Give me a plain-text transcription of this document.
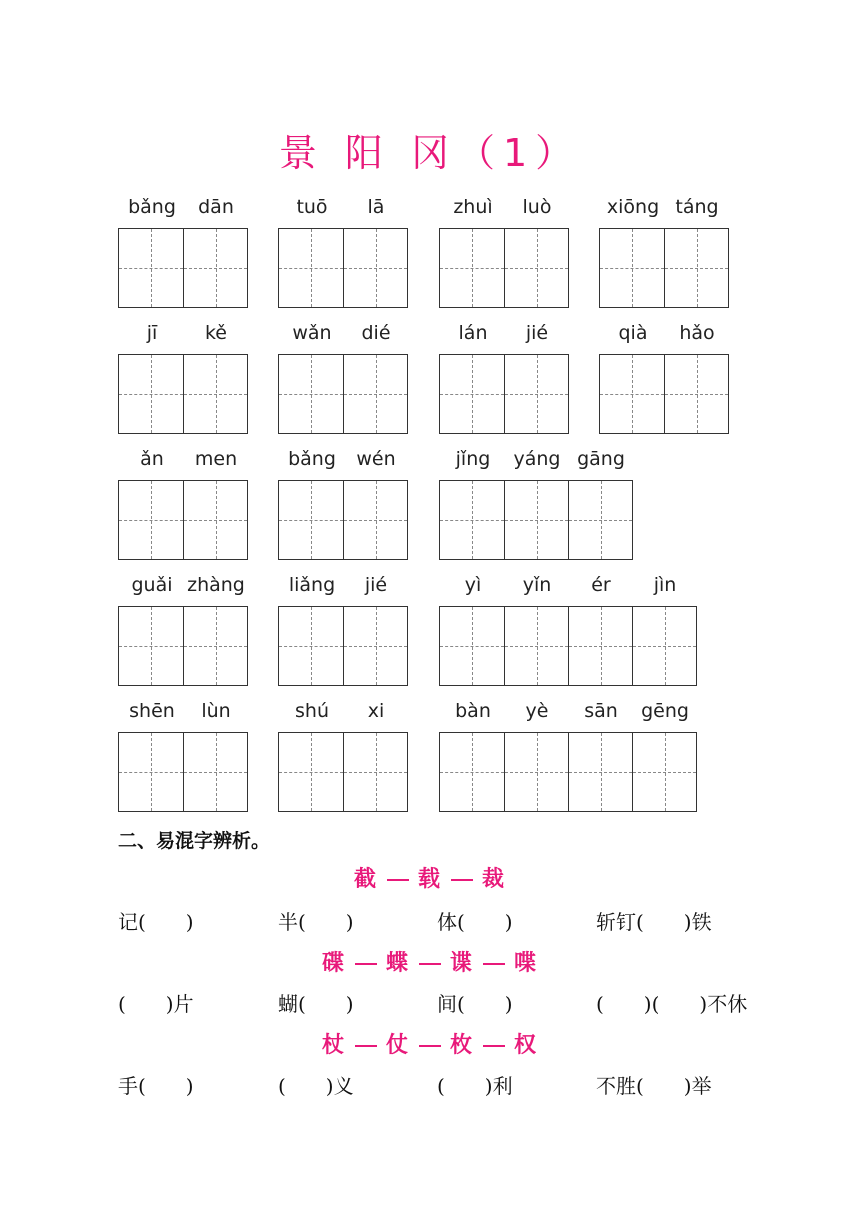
景 阳 冈（1）
bǎng	dān	tuō	lā	zhuì	luò	xiōng táng
jī	kě	wǎn	dié	lán	jié	qià	hǎo
ǎn	men	bǎng	wén	jǐng	yáng gāng
guǎi zhàng	liǎng	jié	yì	yǐn	ér	jìn
shēn	lùn	shú	xi	bàn	yè	sān	gēng
二、易混字辨析。
截 载 裁
记(　　)	半(　　)	体(　　)	斩钉(　　)铁
碟 蝶 谍 喋
(　　)片	蝴(　　)	间(　　)	(　　)(　　)不休
杖 仗 枚 权
手(　　)	(　　)义	(　　)利	不胜(　　)举
